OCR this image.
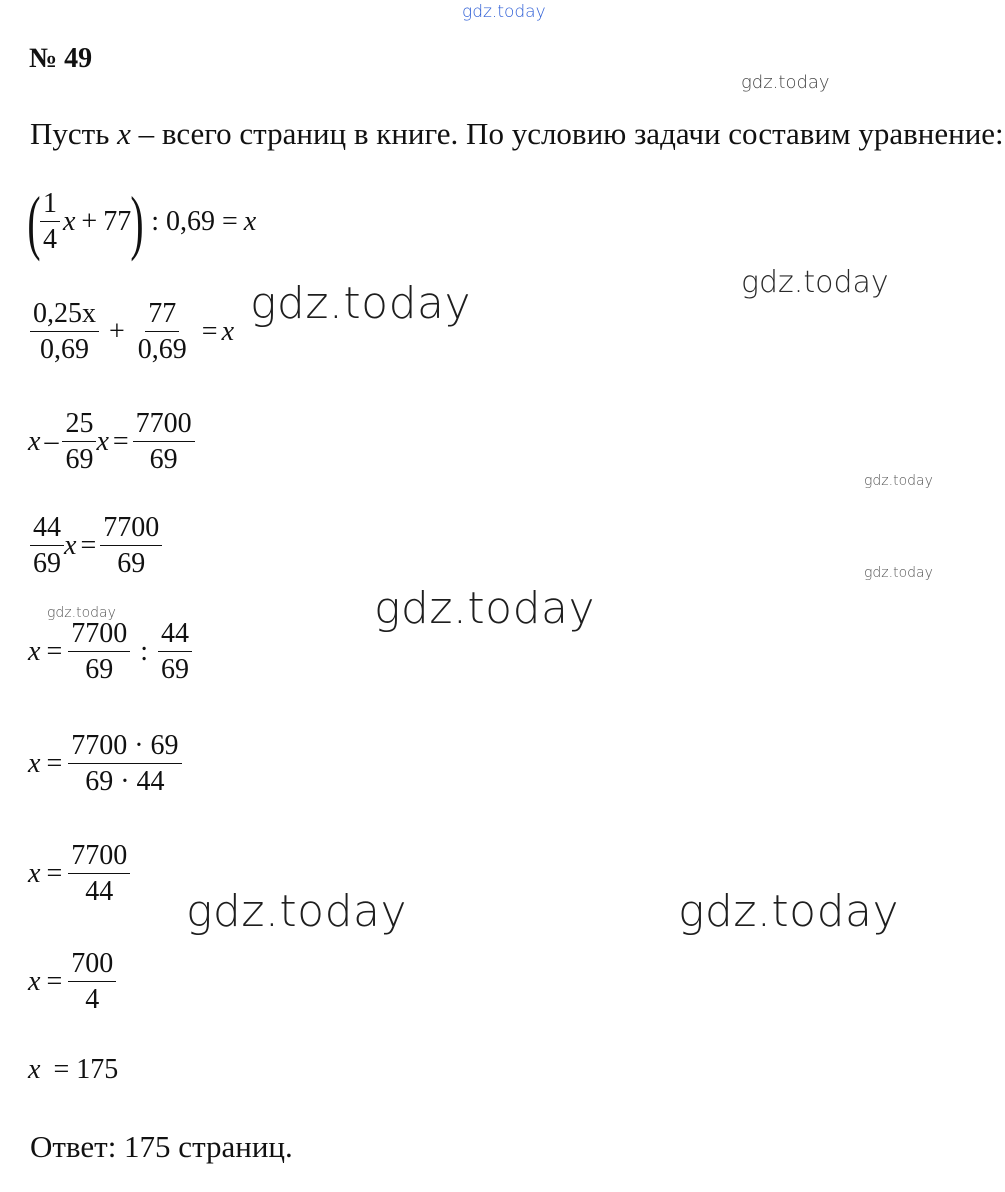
gdz.today
gdz.today
gdz.today
gdz.today
gdz.today
gdz.today
gdz.today	gdz.today
gdz.today	gdz.today
№ 49
Пусть x – всего страниц в книге. По условию задачи составим уравнение:
( $\frac{1}{4}$ x + 77 ) : 0,69 = x
$\frac{0,25x}{0,69} + \frac{77}{0,69} = x$
x – $\frac{25}{69}$ $x = \frac{7700}{69}$
$\frac{44}{69}$ $x = \frac{7700}{69}$
$x = \frac{7700}{69}$ : $\frac{44}{69}$
$x = \frac{7700 \cdot 69}{69 \cdot 44}$
$x = \frac{7700}{44}$
$x = \frac{700}{4}$
x = 175
Ответ: 175 страниц.
